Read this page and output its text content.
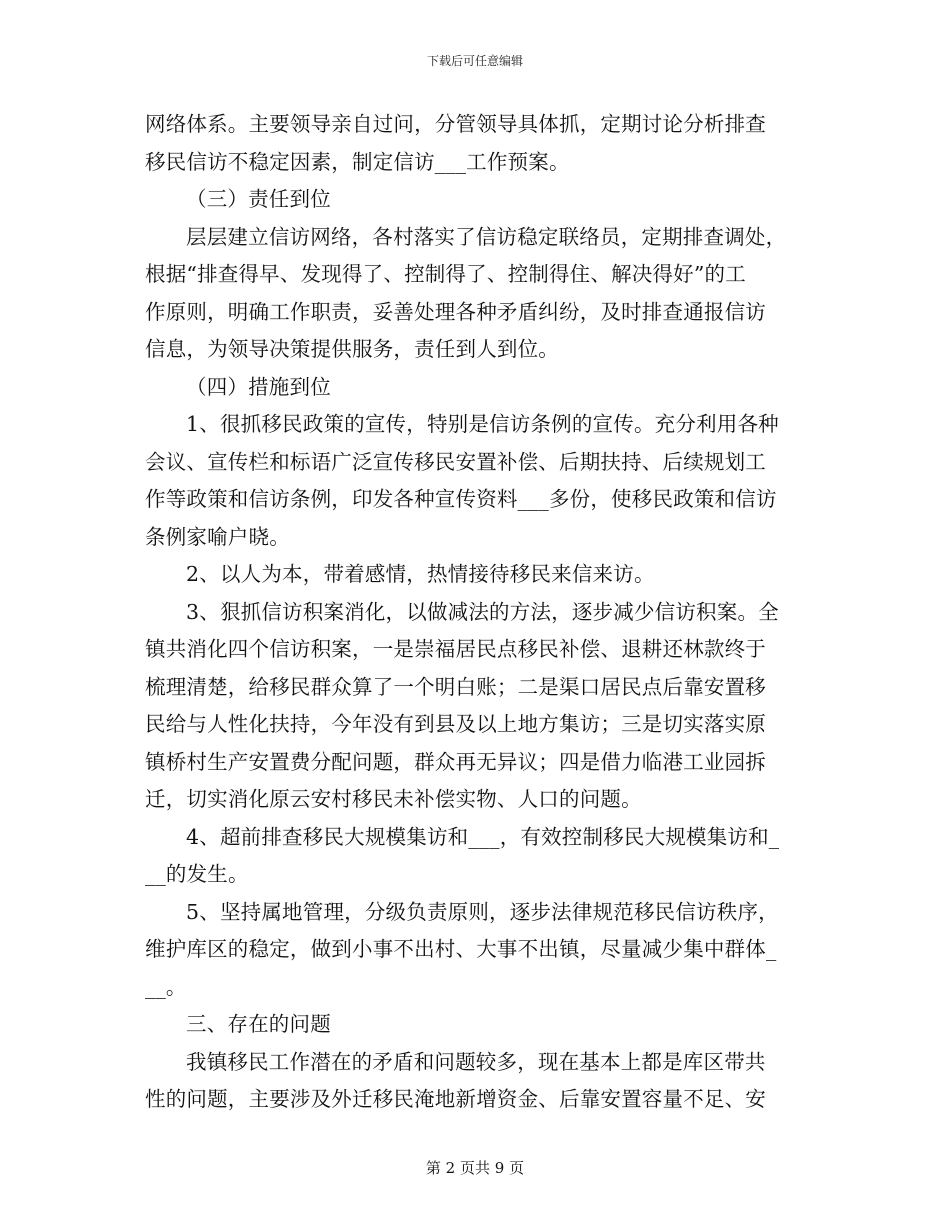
下载后可任意编辑
网络体系。主要领导亲自过问，分管领导具体抓，定期讨论分析排查
移民信访不稳定因素，制定信访___工作预案。
（三）责任到位
层层建立信访网络，各村落实了信访稳定联络员，定期排查调处，
根据“排查得早、发现得了、控制得了、控制得住、解决得好”的工
作原则，明确工作职责，妥善处理各种矛盾纠纷，及时排查通报信访
信息，为领导决策提供服务，责任到人到位。
（四）措施到位
1、很抓移民政策的宣传，特别是信访条例的宣传。充分利用各种
会议、宣传栏和标语广泛宣传移民安置补偿、后期扶持、后续规划工
作等政策和信访条例，印发各种宣传资料___多份，使移民政策和信访
条例家喻户晓。
2、以人为本，带着感情，热情接待移民来信来访。
3、狠抓信访积案消化，以做减法的方法，逐步减少信访积案。全
镇共消化四个信访积案，一是崇福居民点移民补偿、退耕还林款终于
梳理清楚，给移民群众算了一个明白账；二是渠口居民点后靠安置移
民给与人性化扶持，今年没有到县及以上地方集访；三是切实落实原
镇桥村生产安置费分配问题，群众再无异议；四是借力临港工业园拆
迁，切实消化原云安村移民未补偿实物、人口的问题。
4、超前排查移民大规模集访和___，有效控制移民大规模集访和_
__的发生。
5、坚持属地管理，分级负责原则，逐步法律规范移民信访秩序，
维护库区的稳定，做到小事不出村、大事不出镇，尽量减少集中群体_
__。
三、存在的问题
我镇移民工作潜在的矛盾和问题较多，现在基本上都是库区带共
性的问题，主要涉及外迁移民淹地新增资金、后靠安置容量不足、安
第 2 页共 9 页
